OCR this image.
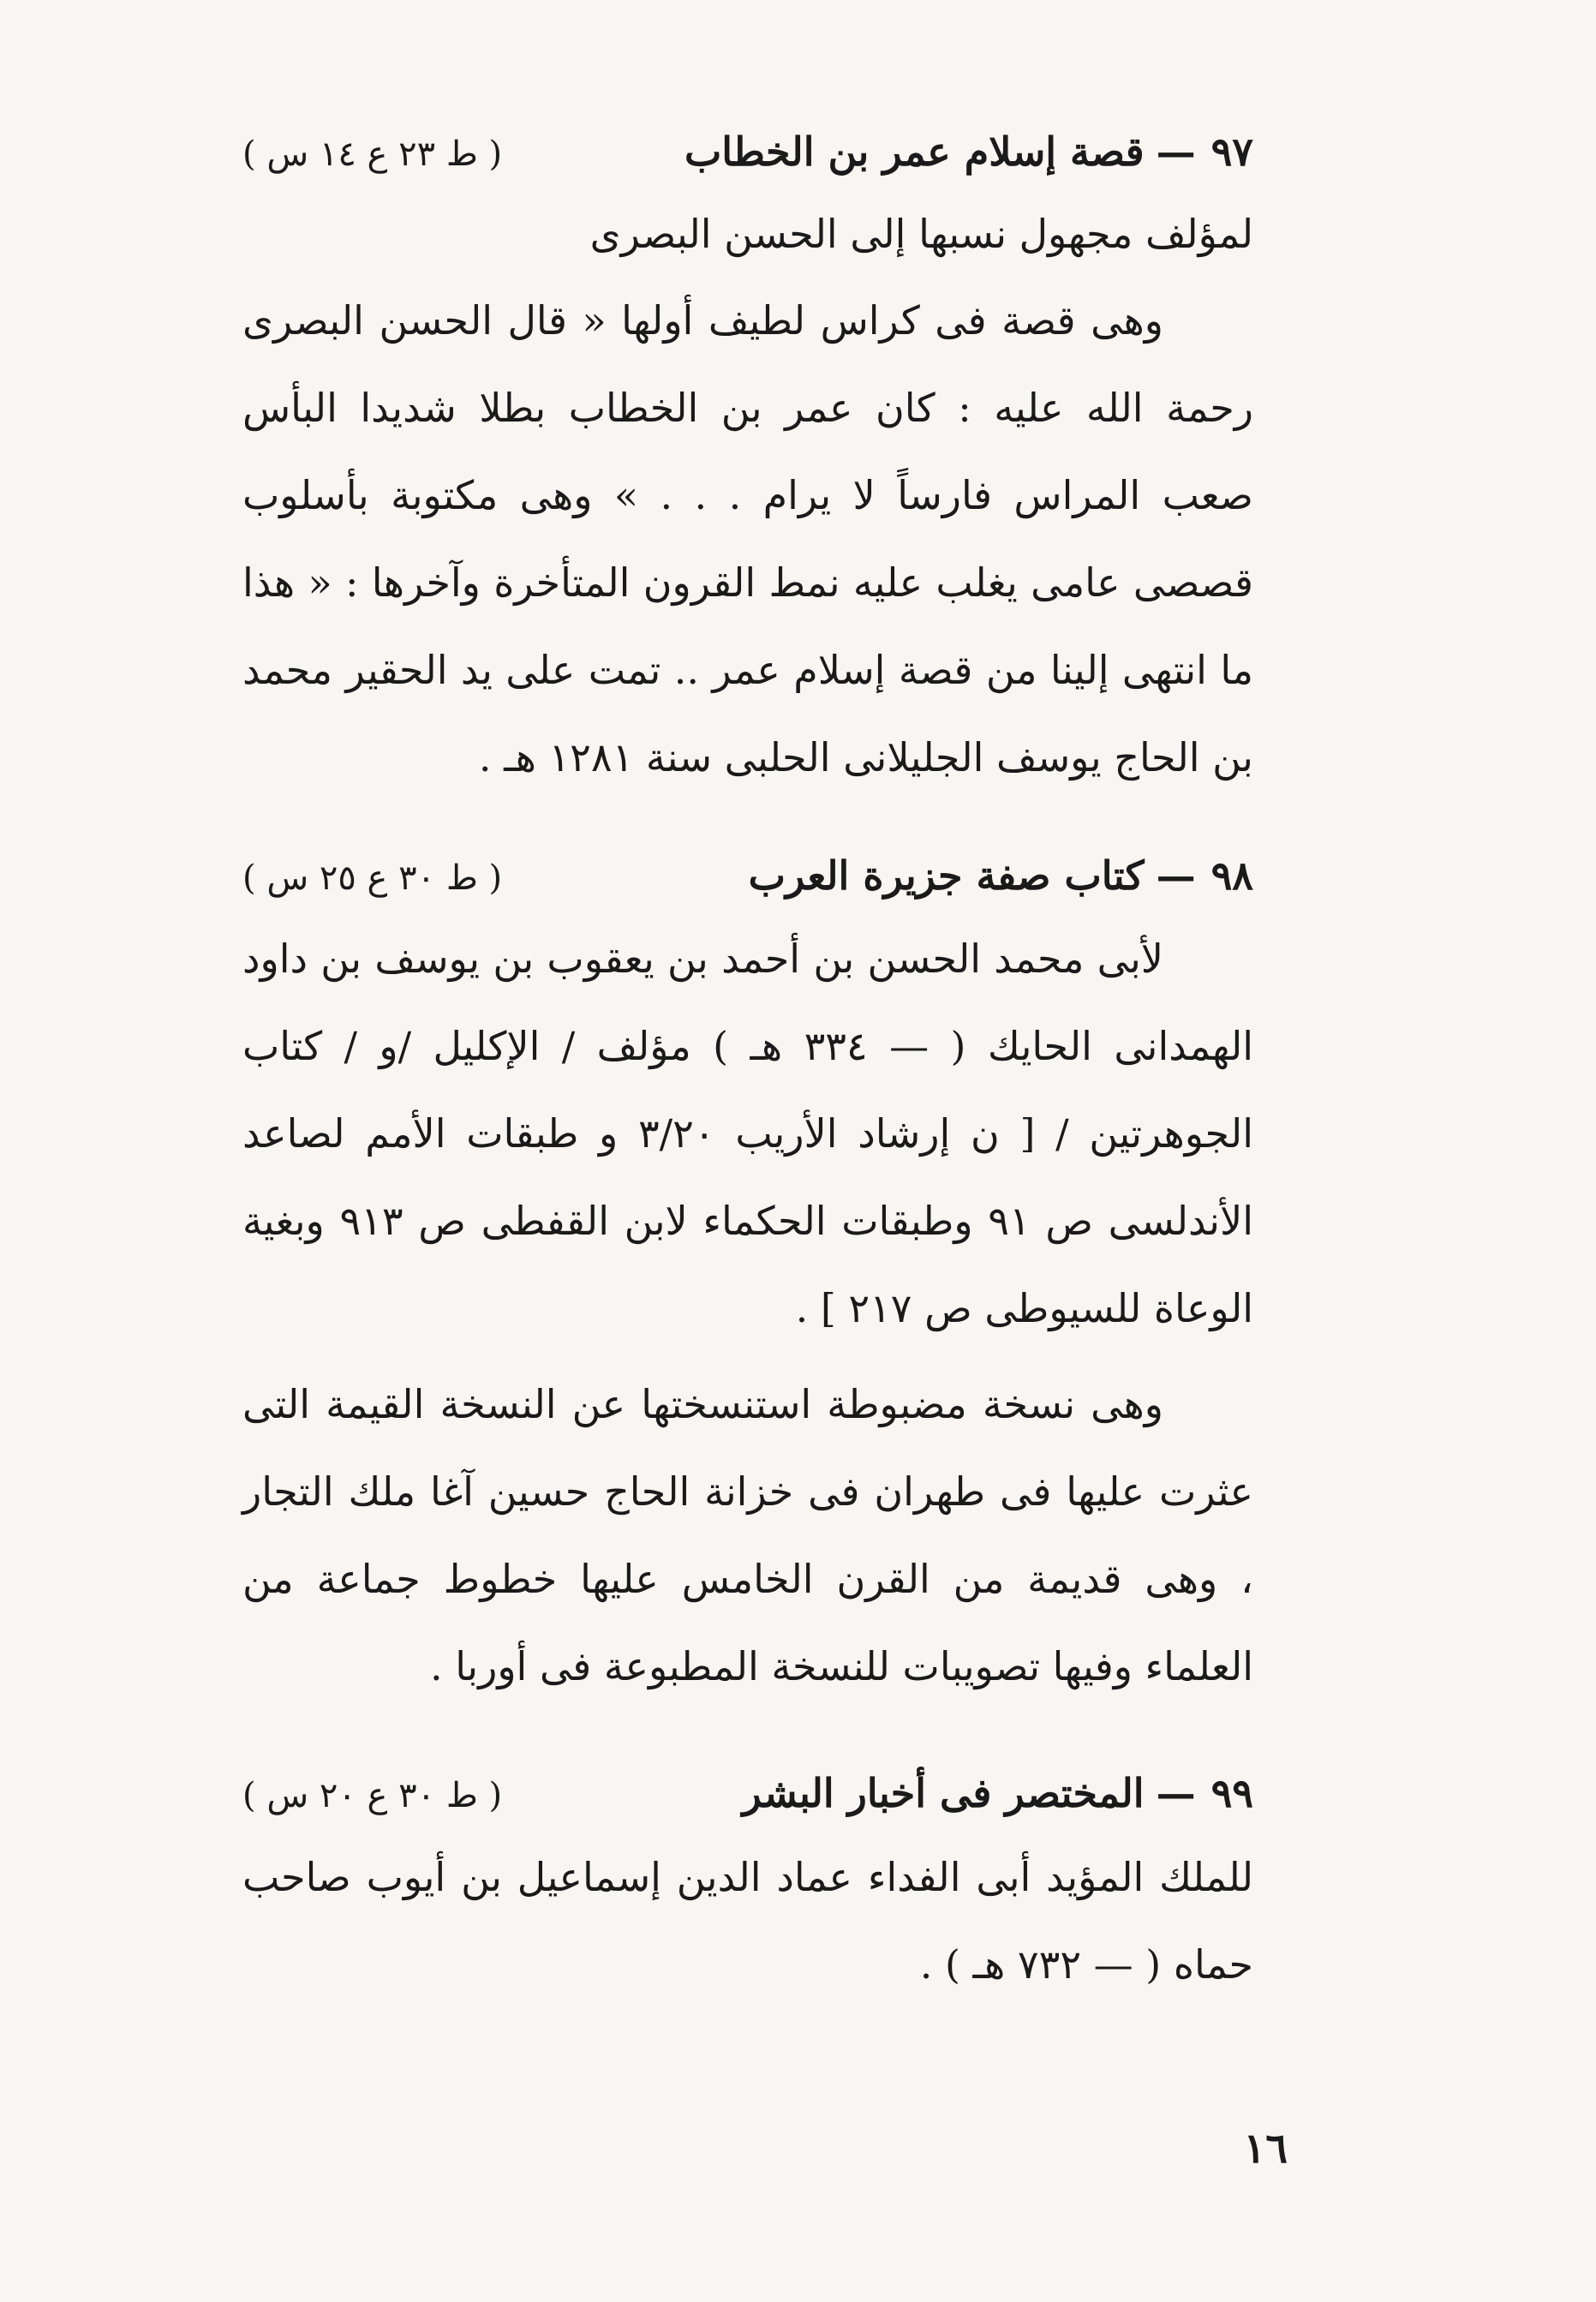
٩٧—قصة إسلام عمر بن الخطاب
( ط ٢٣ ع ١٤ س )

لمؤلف مجهول نسبها إلى الحسن البصرى

وهى قصة فى كراس لطيف أولها « قال الحسن البصرى رحمة الله عليه : كان عمر بن الخطاب بطلا شديدا البأس صعب المراس فارساً لا يرام . . . » وهى مكتوبة بأسلوب قصصى عامى يغلب عليه نمط القرون المتأخرة وآخرها : « هذا ما انتهى إلينا من قصة إسلام عمر .. تمت على يد الحقير محمد بن الحاج يوسف الجليلانى الحلبى سنة ١٢٨١ هـ .

٩٨—كتاب صفة جزيرة العرب
( ط ٣٠ ع ٢٥ س )

لأبى محمد الحسن بن أحمد بن يعقوب بن يوسف بن داود الهمدانى الحايك ( — ٣٣٤ هـ ) مؤلف / الإكليل /و / كتاب الجوهرتين / [ ن إرشاد الأريب ٣/٢٠ و طبقات الأمم لصاعد الأندلسى ص ٩١ وطبقات الحكماء لابن القفطى ص ٩١٣ وبغية الوعاة للسيوطى ص ٢١٧ ] .

وهى نسخة مضبوطة استنسختها عن النسخة القيمة التى عثرت عليها فى طهران فى خزانة الحاج حسين آغا ملك التجار ، وهى قديمة من القرن الخامس عليها خطوط جماعة من العلماء وفيها تصويبات للنسخة المطبوعة فى أوربا .

٩٩—المختصر فى أخبار البشر
( ط ٣٠ ع ٢٠ س )

للملك المؤيد أبى الفداء عماد الدين إسماعيل بن أيوب صاحب حماه ( — ٧٣٢ هـ ) .

١٦
